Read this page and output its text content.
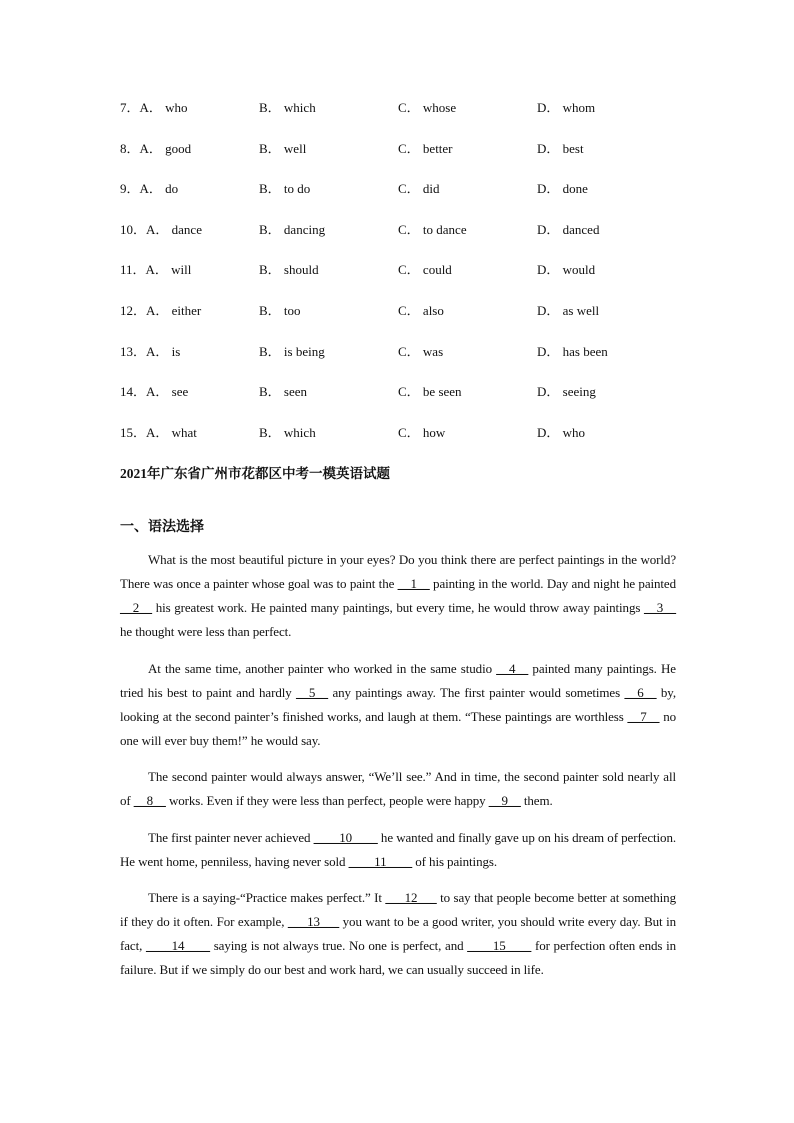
7．A． who	B． which	C． whose	D． whom
8．A． good	B． well	C． better	D． best
9．A． do	B． to do	C． did	D． done
10．A． dance	B． dancing	C． to dance	D． danced
11．A． will	B． should	C． could	D． would
12．A． either	B． too	C． also	D． as well
13．A． is	B． is being	C． was	D． has been
14．A． see	B． seen	C． be seen	D． seeing
15．A． what	B． which	C． how	D． who
2021年广东省广州市花都区中考一模英语试题
一、语法选择

What is the most beautiful picture in your eyes? Do you think there are perfect paintings in the world? There was once a painter whose goal was to paint the __1__ painting in the world. Day and night he painted __2__ his greatest work. He painted many paintings, but every time, he would throw away paintings __3__ he thought were less than perfect.

At the same time, another painter who worked in the same studio __4__ painted many paintings. He tried his best to paint and hardly __5__ any paintings away. The first painter would sometimes __6__ by, looking at the second painter’s finished works, and laugh at them. “These paintings are worthless __7__ no one will ever buy them!” he would say.

The second painter would always answer, “We’ll see.” And in time, the second painter sold nearly all of __8__ works. Even if they were less than perfect, people were happy __9__ them.

The first painter never achieved ____10____ he wanted and finally gave up on his dream of perfection. He went home, penniless, having never sold ____11____ of his paintings.

There is a saying-“Practice makes perfect.” It ___12___ to say that people become better at something if they do it often. For example, ___13___ you want to be a good writer, you should write every day. But in fact, ____14____ saying is not always true. No one is perfect, and ____15____ for perfection often ends in failure. But if we simply do our best and work hard, we can usually succeed in life.
